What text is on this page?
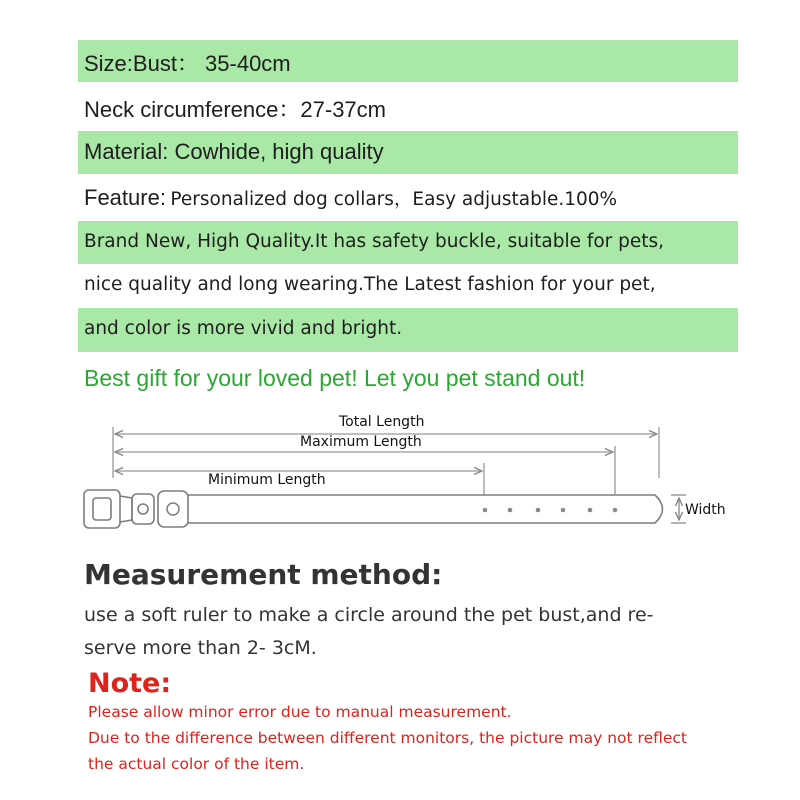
Size:Bust： 35-40cm
Neck circumference：27-37cm
Material: Cowhide, high quality
Feature: Personalized dog collars，Easy adjustable.100%
Brand New, High Quality.It has safety buckle, suitable for pets,
nice quality and long wearing.The Latest fashion for your pet,
and color is more vivid and bright.
Best gift for your loved pet! Let you pet stand out!
Total Length
Maximum Length
Minimum Length
Width
Measurement method:
use a soft ruler to make a circle around the pet bust,and re-
serve more than 2- 3cM.
Note:
Please allow minor error due to manual measurement.
Due to the difference between different monitors, the picture may not reflect
the actual color of the item.
